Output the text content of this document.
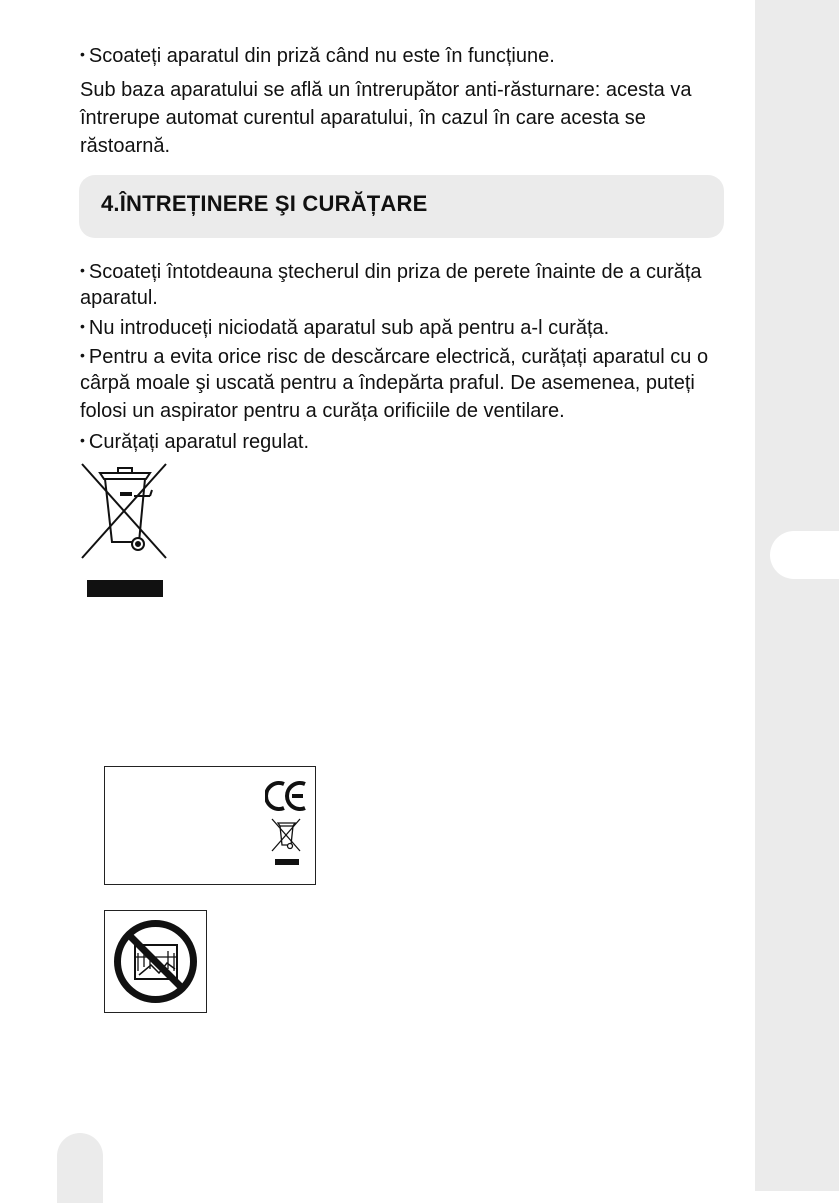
• Scoateți aparatul din priză când nu este în funcțiune.

Sub baza aparatului se află un întrerupător anti-răsturnare: acesta va

întrerupe automat curentul aparatului, în cazul în care acesta se

răstoarnă.

4.ÎNTREȚINERE ŞI CURĂȚARE

• Scoateți întotdeauna ştecherul din priza de perete înainte de a curăța

aparatul.

• Nu introduceți niciodată aparatul sub apă pentru a-l curăța.

• Pentru a evita orice risc de descărcare electrică, curățați aparatul cu o

cârpă moale şi uscată pentru a îndepărta praful. De asemenea, puteți

folosi un aspirator pentru a curăța orificiile de ventilare.

• Curățați aparatul regulat.
